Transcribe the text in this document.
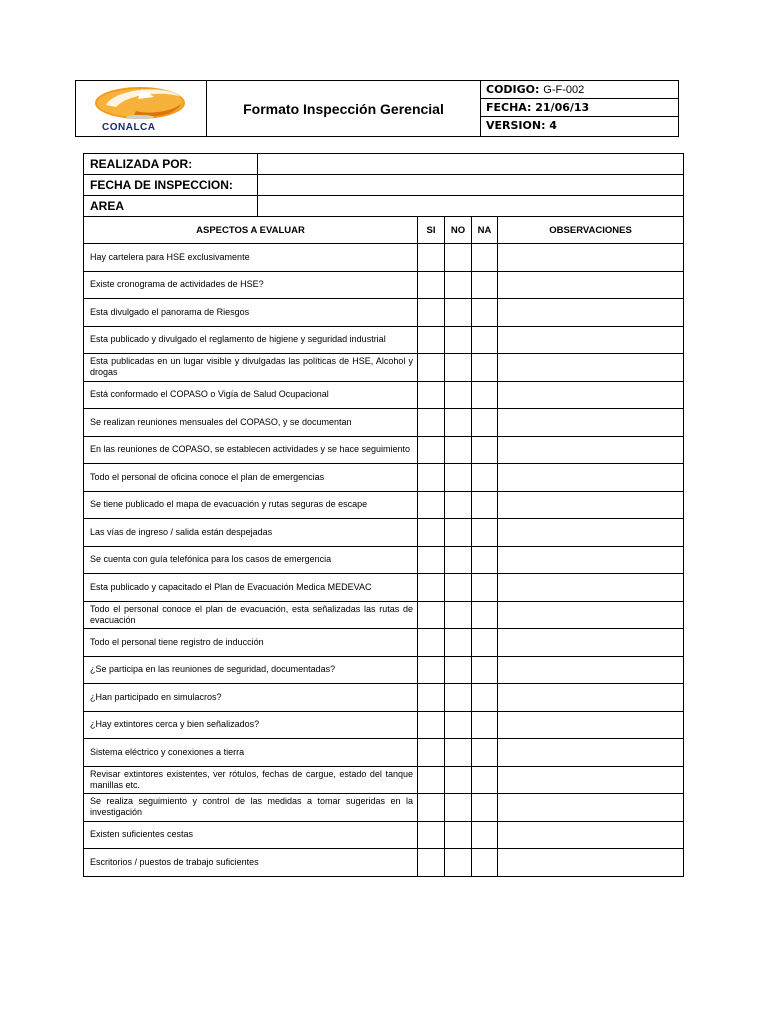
CONALCA
Formato Inspección Gerencial
CODIGO: G-F-002
FECHA: 21/06/13
VERSION: 4
REALIZADA POR:					
FECHA DE INSPECCION:					
AREA					
ASPECTOS A EVALUAR		SI	NO	NA	OBSERVACIONES
Hay cartelera para HSE exclusivamente					
Existe cronograma de actividades de HSE?					
Esta divulgado el panorama de Riesgos					
Esta publicado y divulgado el reglamento de higiene y seguridad industrial					
Esta publicadas en un lugar visible y divulgadas las políticas de HSE, Alcohol y drogas					
Está conformado el COPASO o Vigía de Salud Ocupacional					
Se realizan reuniones mensuales del COPASO, y se documentan					
En las reuniones de COPASO, se establecen actividades y se hace seguimiento					
Todo el personal de oficina conoce el plan de emergencias					
Se tiene publicado el mapa de evacuación y rutas seguras de escape					
Las vías de ingreso / salida están despejadas					
Se cuenta con guía telefónica para los casos de emergencia					
Esta publicado y capacitado el Plan de Evacuación Medica MEDEVAC					
Todo el personal conoce el plan de evacuación, esta señalizadas las rutas de evacuación					
Todo el personal tiene registro de inducción					
¿Se participa en las reuniones de seguridad, documentadas?					
¿Han participado en simulacros?					
¿Hay extintores cerca y bien señalizados?					
Sistema eléctrico y conexiones a tierra					
Revisar extintores existentes, ver rótulos, fechas de cargue, estado del tanque manillas etc.					
Se realiza seguimiento y control de las medidas a tomar sugeridas en la investigación					
Existen suficientes cestas					
Escritorios / puestos de trabajo suficientes					
